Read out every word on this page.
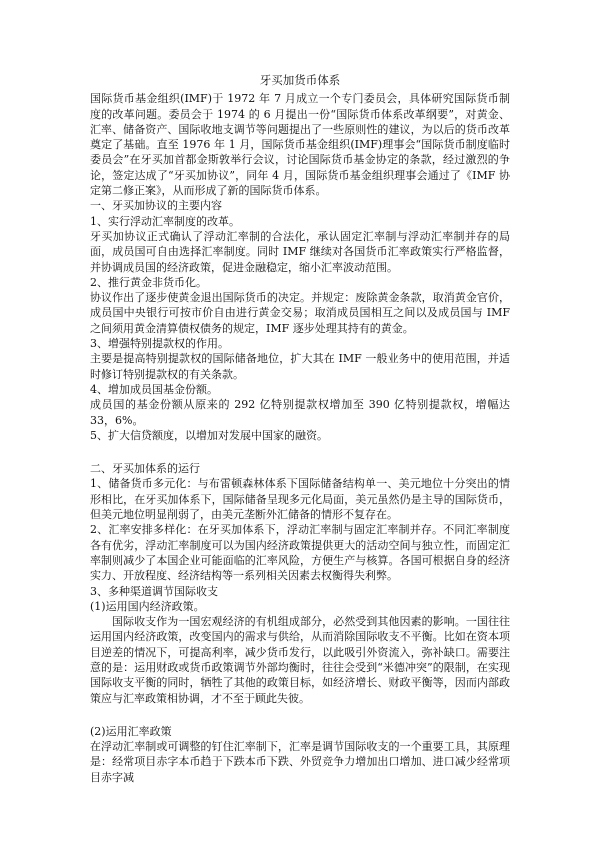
牙买加货币体系

国际货币基金组织(IMF)于 1972 年 7 月成立一个专门委员会，具体研究国际货币制度的改革问题。委员会于 1974 的 6 月提出一份“国际货币体系改革纲要”，对黄金、汇率、储备资产、国际收地支调节等问题提出了一些原则性的建议，为以后的货币改革奠定了基础。直至 1976 年 1 月，国际货币基金组织(IMF)理事会“国际货币制度临时委员会”在牙买加首都金斯敦举行会议，讨论国际货币基金协定的条款，经过激烈的争论，签定达成了“牙买加协议”，同年 4 月，国际货币基金组织理事会通过了《IMF 协定第二修正案》，从而形成了新的国际货币体系。

一、牙买加协议的主要内容

1、实行浮动汇率制度的改革。

牙买加协议正式确认了浮动汇率制的合法化，承认固定汇率制与浮动汇率制并存的局面，成员国可自由选择汇率制度。同时 IMF 继续对各国货币汇率政策实行严格监督，并协调成员国的经济政策，促进金融稳定，缩小汇率波动范围。

2、推行黄金非货币化。

协议作出了逐步使黄金退出国际货币的决定。并规定：废除黄金条款，取消黄金官价，成员国中央银行可按市价自由进行黄金交易；取消成员国相互之间以及成员国与 IMF 之间须用黄金清算债权债务的规定，IMF 逐步处理其持有的黄金。

3、增强特别提款权的作用。

主要是提高特别提款权的国际储备地位，扩大其在 IMF 一般业务中的使用范围，并适时修订特别提款权的有关条款。

4、增加成员国基金份额。

成员国的基金份额从原来的 292 亿特别提款权增加至 390 亿特别提款权，增幅达 33，6%。

5、扩大信贷额度，以增加对发展中国家的融资。

二、牙买加体系的运行

1、储备货币多元化：与布雷顿森林体系下国际储备结构单一、美元地位十分突出的情形相比，在牙买加体系下，国际储备呈现多元化局面，美元虽然仍是主导的国际货币，但美元地位明显削弱了，由美元垄断外汇储备的情形不复存在。

2、汇率安排多样化：在牙买加体系下，浮动汇率制与固定汇率制并存。不同汇率制度各有优劣，浮动汇率制度可以为国内经济政策提供更大的活动空间与独立性，而固定汇率制则减少了本国企业可能面临的汇率风险，方便生产与核算。各国可根据自身的经济实力、开放程度、经济结构等一系列相关因素去权衡得失利弊。

3、多种渠道调节国际收支

(1)运用国内经济政策。

国际收支作为一国宏观经济的有机组成部分，必然受到其他因素的影响。一国往往运用国内经济政策，改变国内的需求与供给，从而消除国际收支不平衡。比如在资本项目逆差的情况下，可提高利率，减少货币发行，以此吸引外资流入，弥补缺口。需要注意的是：运用财政或货币政策调节外部均衡时，往往会受到“米德冲突”的限制，在实现国际收支平衡的同时，牺牲了其他的政策目标，如经济增长、财政平衡等，因而内部政策应与汇率政策相协调，才不至于顾此失彼。

(2)运用汇率政策

在浮动汇率制或可调整的钉住汇率制下，汇率是调节国际收支的一个重要工具，其原理是：经常项目赤字本币趋于下跌本币下跌、外贸竞争力增加出口增加、进口减少经常项目赤字减
